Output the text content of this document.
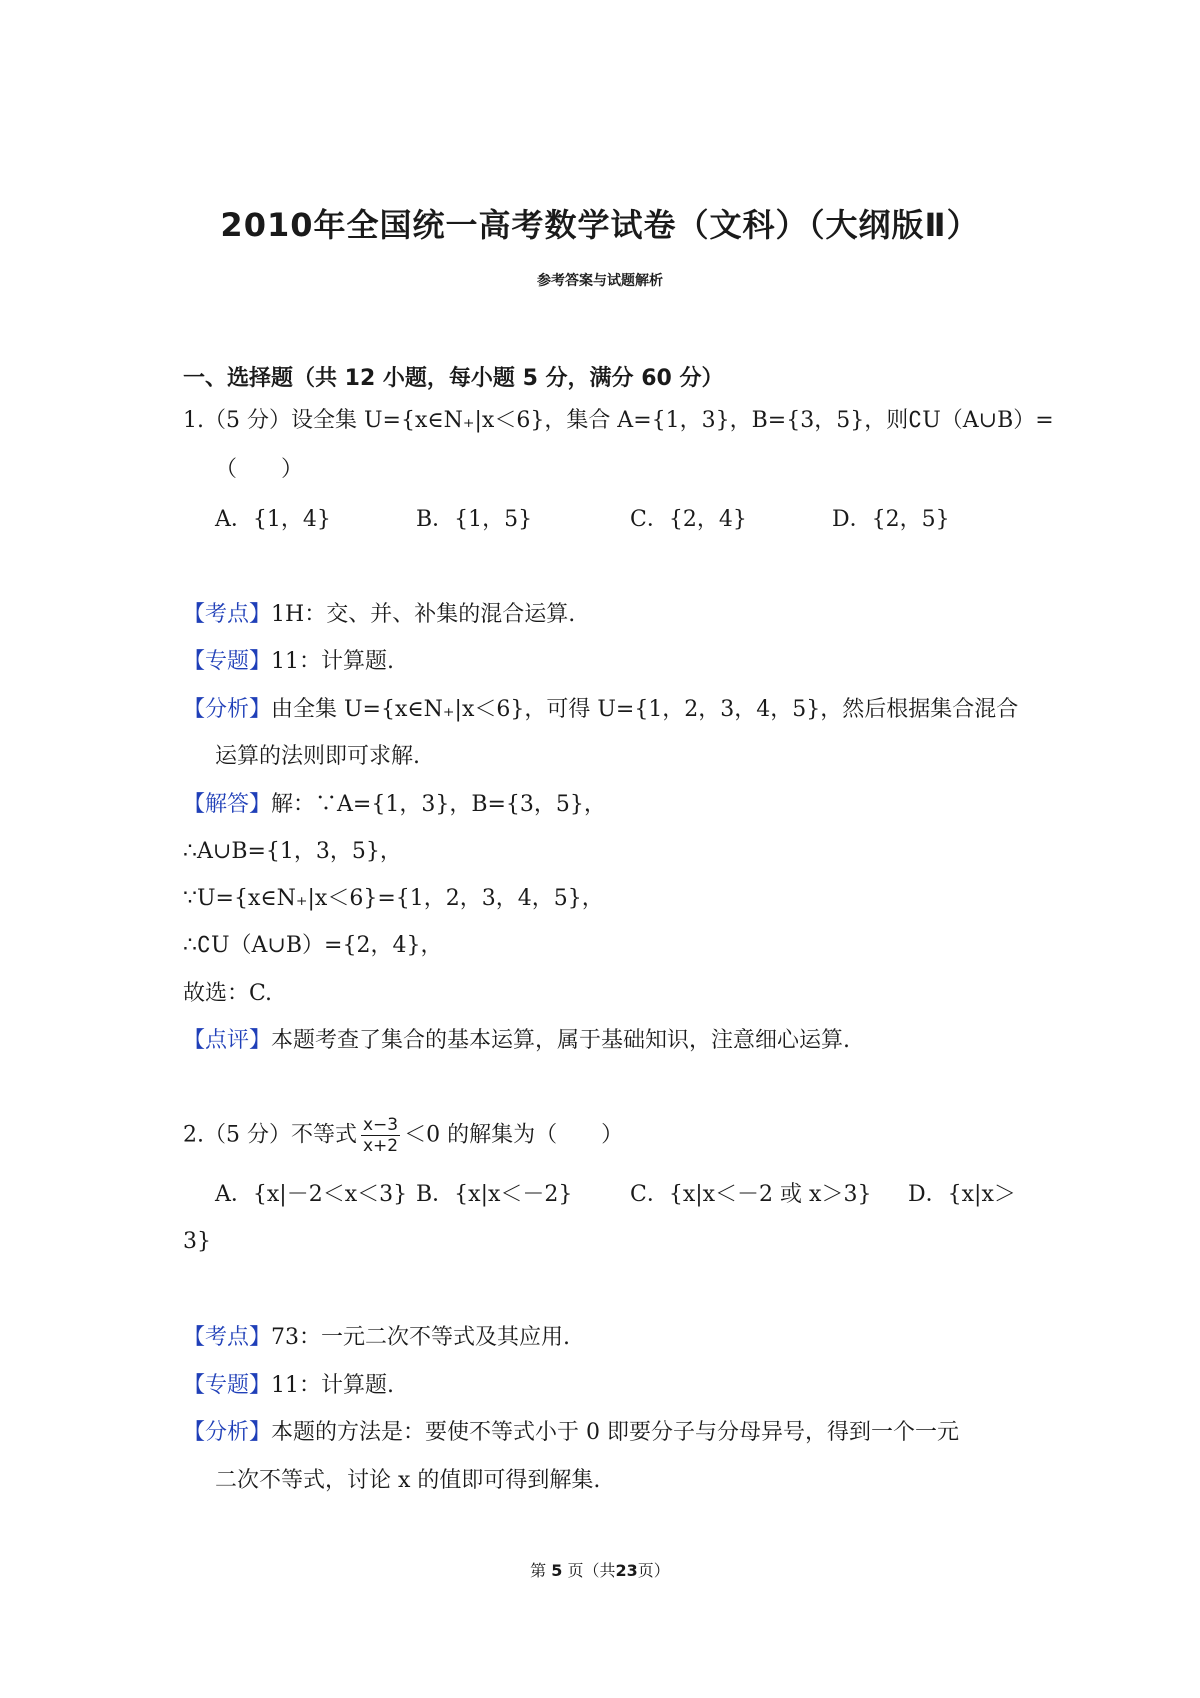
2010年全国统一高考数学试卷（文科）（大纲版Ⅱ）
参考答案与试题解析
一、选择题（共 12 小题，每小题 5 分，满分 60 分）
1.（5 分）设全集 U={x∈N₊|x＜6}，集合 A={1，3}，B={3，5}，则∁U（A∪B）=
（　　）
A．{1，4}	B．{1，5}	C．{2，4}	D．{2，5}
【考点】1H：交、并、补集的混合运算.
【专题】11：计算题.
【分析】由全集 U={x∈N₊|x＜6}，可得 U={1，2，3，4，5}，然后根据集合混合
运算的法则即可求解.
【解答】解：∵A={1，3}，B={3，5}，
∴A∪B={1，3，5}，
∵U={x∈N₊|x＜6}={1，2，3，4，5}，
∴∁U（A∪B）={2，4}，
故选：C.
【点评】本题考查了集合的基本运算，属于基础知识，注意细心运算.
2.（5 分）不等式 $\frac{x-3}{x+2} <0$ 的解集为（　　）
A．{x|－2＜x＜3} B．{x|x＜－2}	C．{x|x＜－2 或 x＞3} D．{x|x＞
3}
【考点】73：一元二次不等式及其应用.
【专题】11：计算题.
【分析】本题的方法是：要使不等式小于 0 即要分子与分母异号，得到一个一元
二次不等式，讨论 x 的值即可得到解集.
第 5 页（共23页）
